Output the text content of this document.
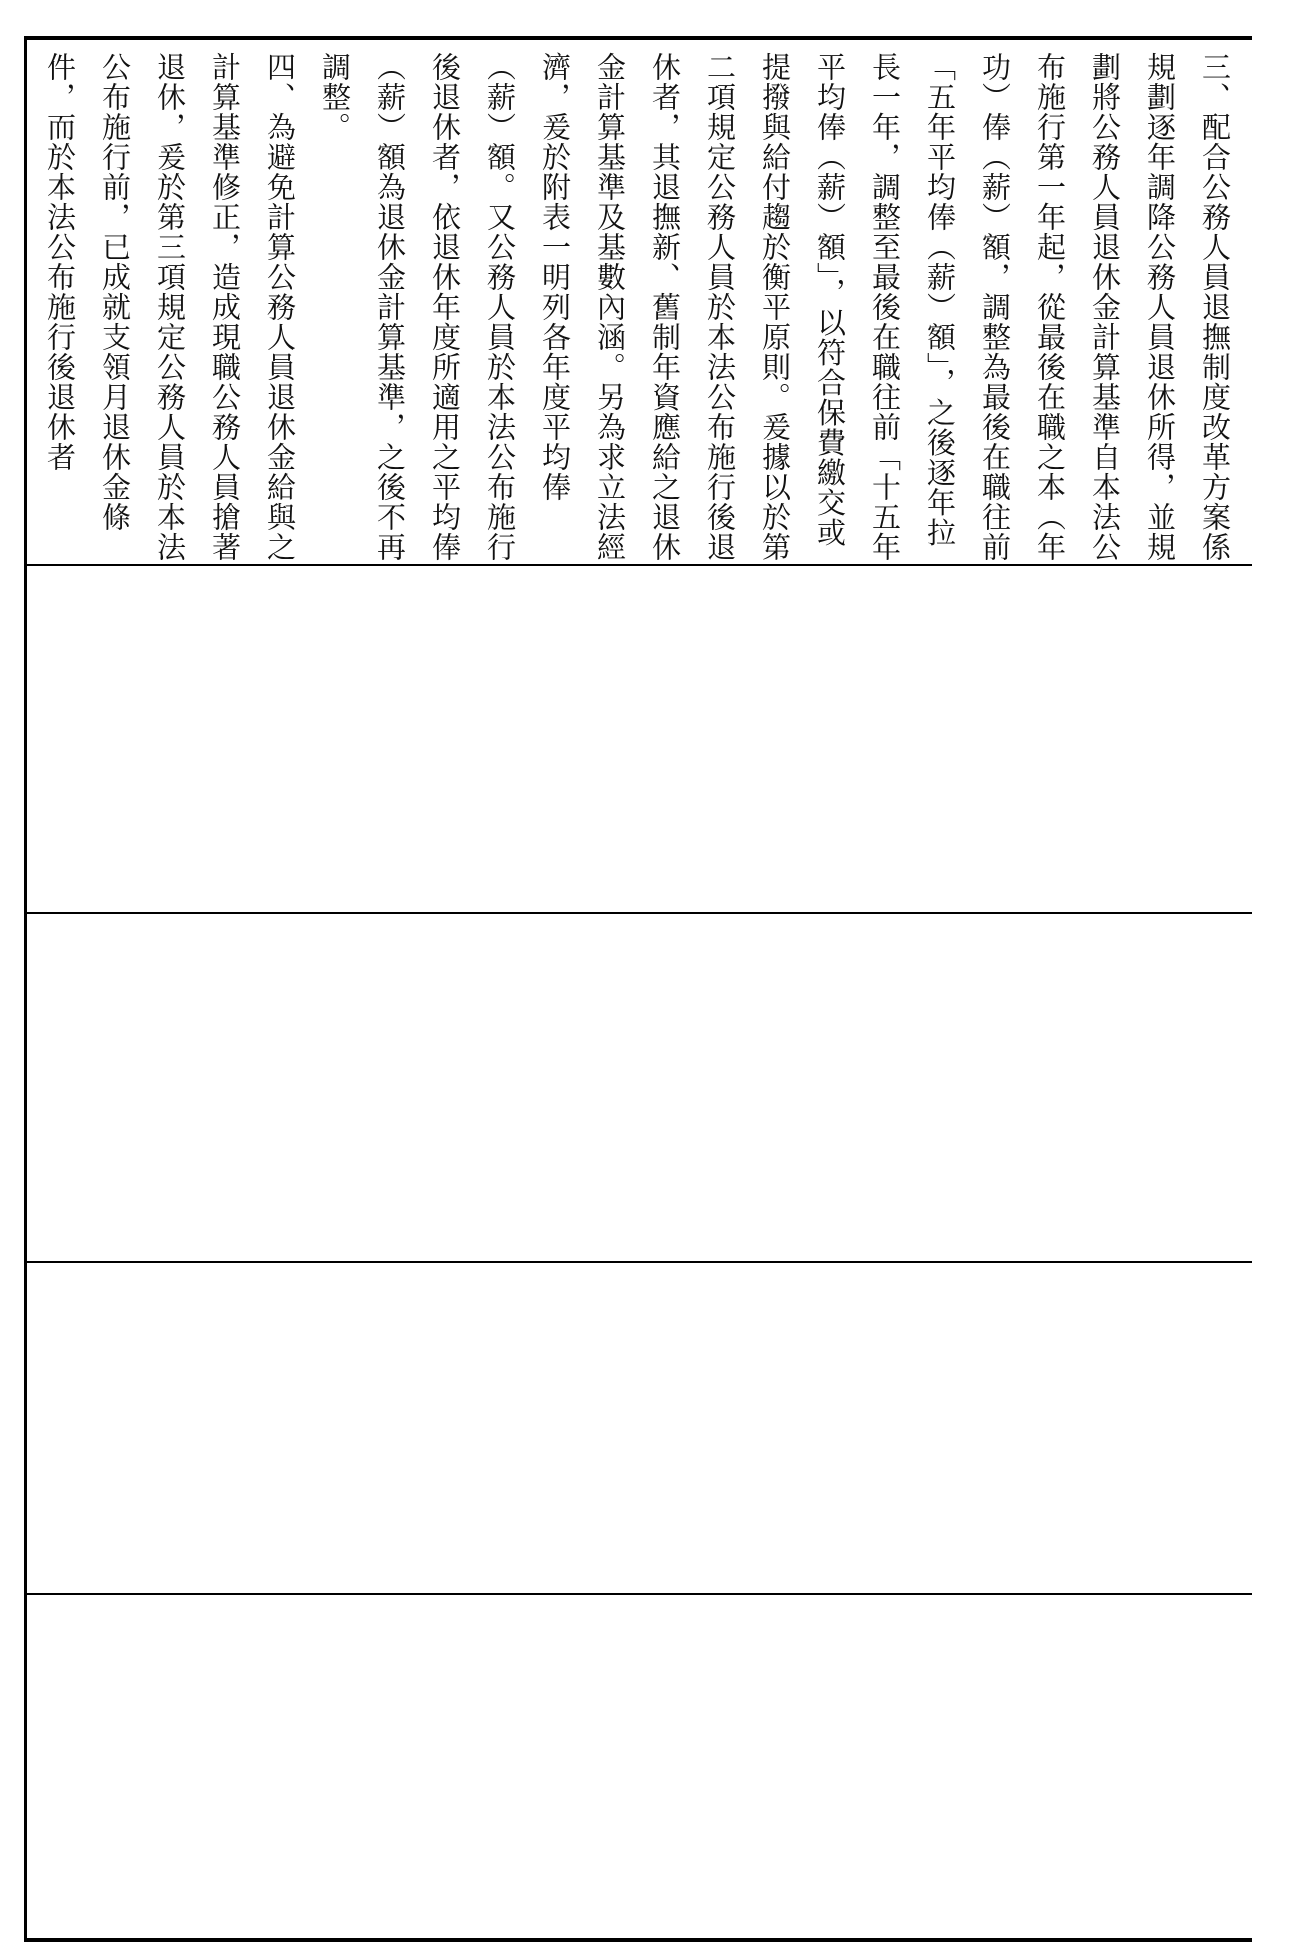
三、配合公務人員退撫制度改革方案係規劃逐年調降公務人員退休所得，並規劃將公務人員退休金計算基準自本法公布施行第一年起，從最後在職之本（年功）俸（薪）額，調整為最後在職往前「五年平均俸（薪）額」，之後逐年拉長一年，調整至最後在職往前「十五年平均俸（薪）額」，以符合保費繳交或提撥與給付趨於衡平原則。爰據以於第二項規定公務人員於本法公布施行後退休者，其退撫新、舊制年資應給之退休金計算基準及基數內涵。另為求立法經濟，爰於附表一明列各年度平均俸（薪）額。又公務人員於本法公布施行後退休者，依退休年度所適用之平均俸（薪）額為退休金計算基準，之後不再調整。

四、為避免計算公務人員退休金給與之計算基準修正，造成現職公務人員搶著退休，爰於第三項規定公務人員於本法公布施行前，已成就支領月退休金條件，而於本法公布施行後退休者
